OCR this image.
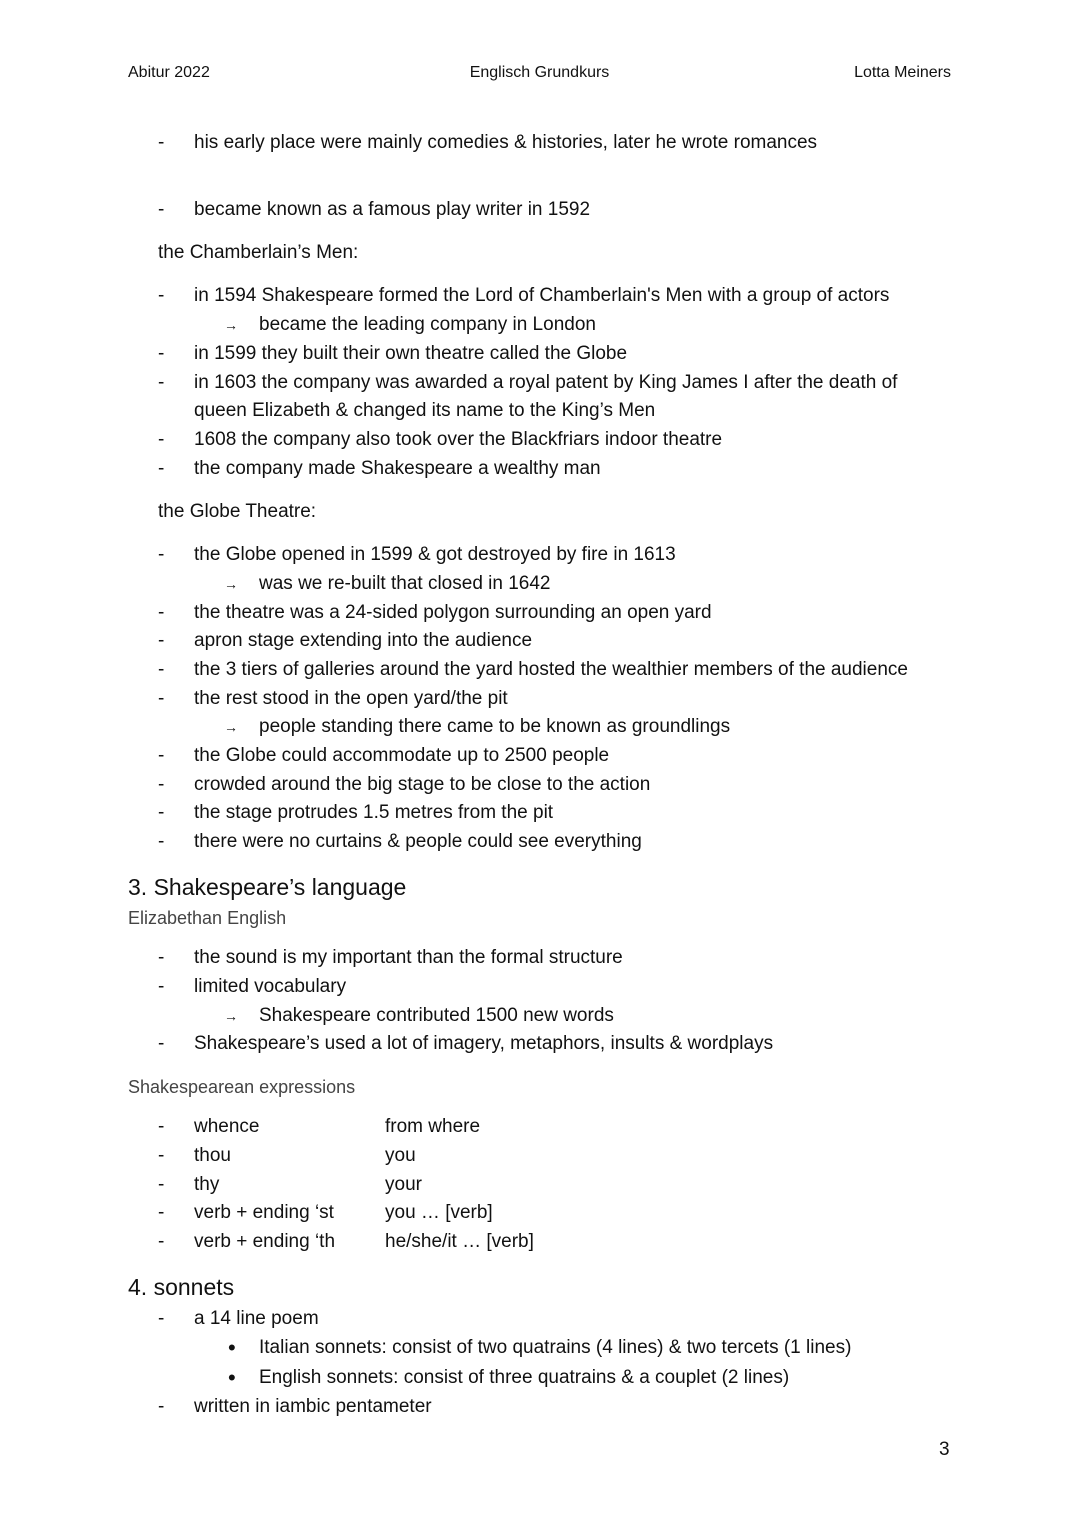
Abitur 2022	Englisch Grundkurs	Lotta Meiners
- his early place were mainly comedies & histories, later he wrote romances
- became known as a famous play writer in 1592
the Chamberlain’s Men:
- in 1594 Shakespeare formed the Lord of Chamberlain's Men with a group of actors
→ became the leading company in London
- in 1599 they built their own theatre called the Globe
- in 1603 the company was awarded a royal patent by King James I after the death of
queen Elizabeth & changed its name to the King’s Men
- 1608 the company also took over the Blackfriars indoor theatre
- the company made Shakespeare a wealthy man
the Globe Theatre:
- the Globe opened in 1599 & got destroyed by fire in 1613
→ was we re-built that closed in 1642
- the theatre was a 24-sided polygon surrounding an open yard
- apron stage extending into the audience
- the 3 tiers of galleries around the yard hosted the wealthier members of the audience
- the rest stood in the open yard/the pit
→ people standing there came to be known as groundlings
- the Globe could accommodate up to 2500 people
- crowded around the big stage to be close to the action
- the stage protrudes 1.5 metres from the pit
- there were no curtains & people could see everything
3. Shakespeare’s language
Elizabethan English
- the sound is my important than the formal structure
- limited vocabulary
→ Shakespeare contributed 1500 new words
- Shakespeare’s used a lot of imagery, metaphors, insults & wordplays
Shakespearean expressions
- whence	from where
- thou	you
- thy	your
- verb + ending ‘st	you … [verb]
- verb + ending ‘th	he/she/it … [verb]
4. sonnets
- a 14 line poem
• Italian sonnets: consist of two quatrains (4 lines) & two tercets (1 lines)
• English sonnets: consist of three quatrains & a couplet (2 lines)
- written in iambic pentameter
3
